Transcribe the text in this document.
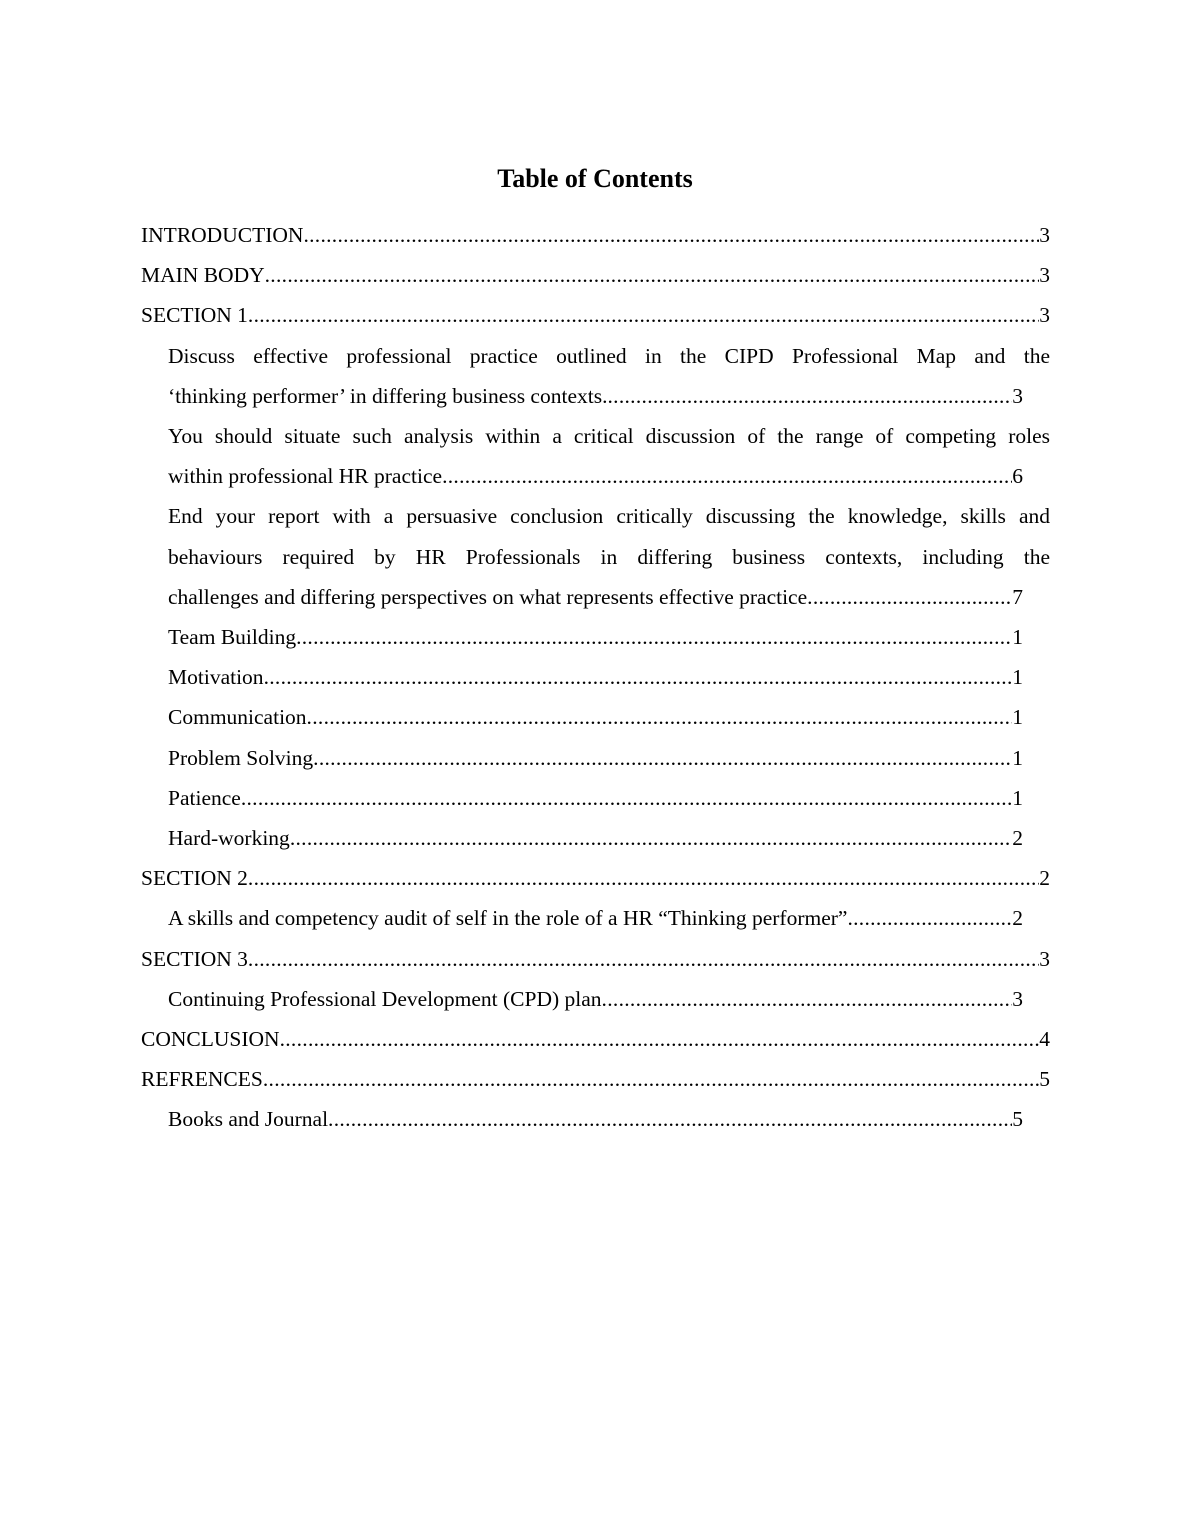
Table of Contents
INTRODUCTION .....	3
MAIN BODY .....	3
SECTION 1 .....	3
Discuss effective professional practice outlined in the CIPD Professional Map and the
‘thinking performer’ in differing business contexts. .....	3
You should situate such analysis within a critical discussion of the range of competing roles
within professional HR practice .....	6
End your report with a persuasive conclusion critically discussing the knowledge, skills and
behaviours required by HR Professionals in differing business contexts, including the
challenges and differing perspectives on what represents effective practice .....	7
Team Building .....	1
Motivation .....	1
Communication .....	1
Problem Solving .....	1
Patience .....	1
Hard-working .....	2
SECTION 2 .....	2
A skills and competency audit of self in the role of a HR “Thinking performer” .....	2
SECTION 3 .....	3
Continuing Professional Development (CPD) plan .....	3
CONCLUSION .....	4
REFRENCES .....	5
Books and Journal .....	5
